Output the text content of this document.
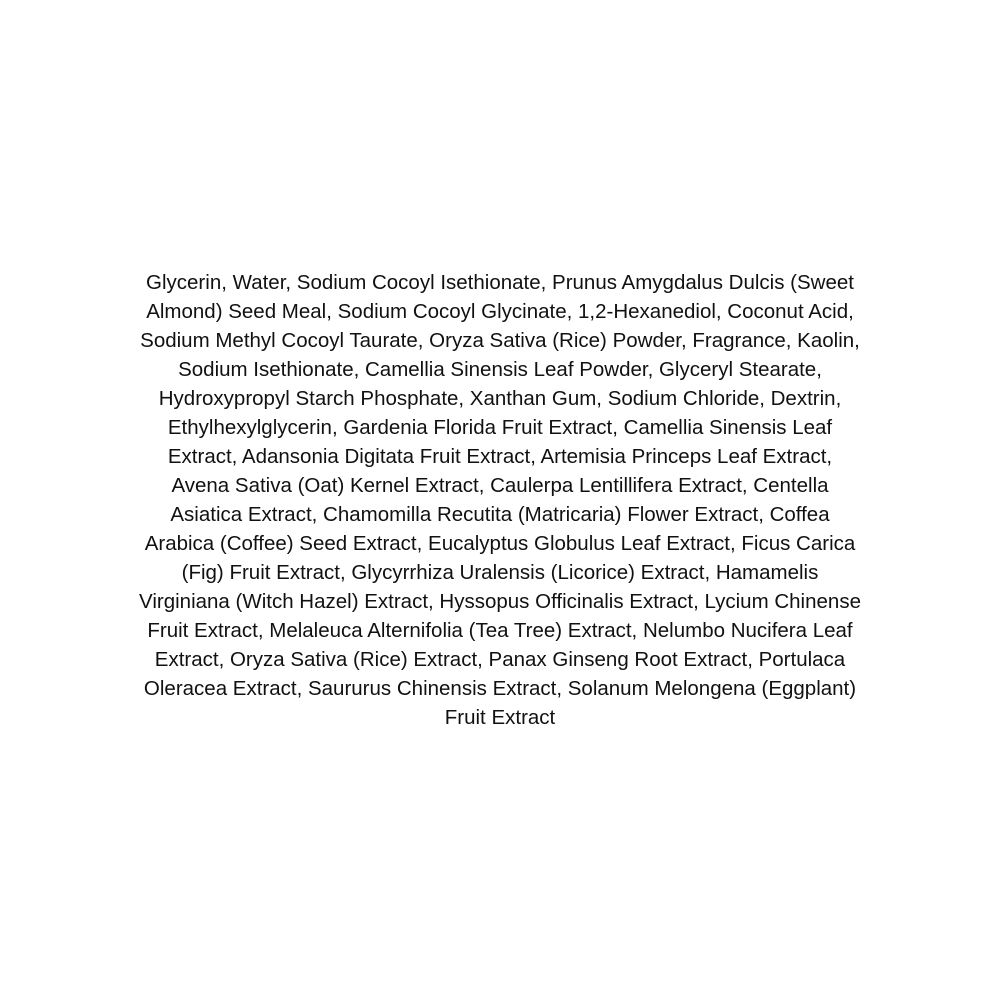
Glycerin, Water, Sodium Cocoyl Isethionate, Prunus Amygdalus Dulcis (Sweet
Almond) Seed Meal, Sodium Cocoyl Glycinate, 1,2-Hexanediol, Coconut Acid,
Sodium Methyl Cocoyl Taurate, Oryza Sativa (Rice) Powder, Fragrance, Kaolin,
Sodium Isethionate, Camellia Sinensis Leaf Powder, Glyceryl Stearate,
Hydroxypropyl Starch Phosphate, Xanthan Gum, Sodium Chloride, Dextrin,
Ethylhexylglycerin, Gardenia Florida Fruit Extract, Camellia Sinensis Leaf
Extract, Adansonia Digitata Fruit Extract, Artemisia Princeps Leaf Extract,
Avena Sativa (Oat) Kernel Extract, Caulerpa Lentillifera Extract, Centella
Asiatica Extract, Chamomilla Recutita (Matricaria) Flower Extract, Coffea
Arabica (Coffee) Seed Extract, Eucalyptus Globulus Leaf Extract, Ficus Carica
(Fig) Fruit Extract, Glycyrrhiza Uralensis (Licorice) Extract, Hamamelis
Virginiana (Witch Hazel) Extract, Hyssopus Officinalis Extract, Lycium Chinense
Fruit Extract, Melaleuca Alternifolia (Tea Tree) Extract, Nelumbo Nucifera Leaf
Extract, Oryza Sativa (Rice) Extract, Panax Ginseng Root Extract, Portulaca
Oleracea Extract, Saururus Chinensis Extract, Solanum Melongena (Eggplant)
Fruit Extract
